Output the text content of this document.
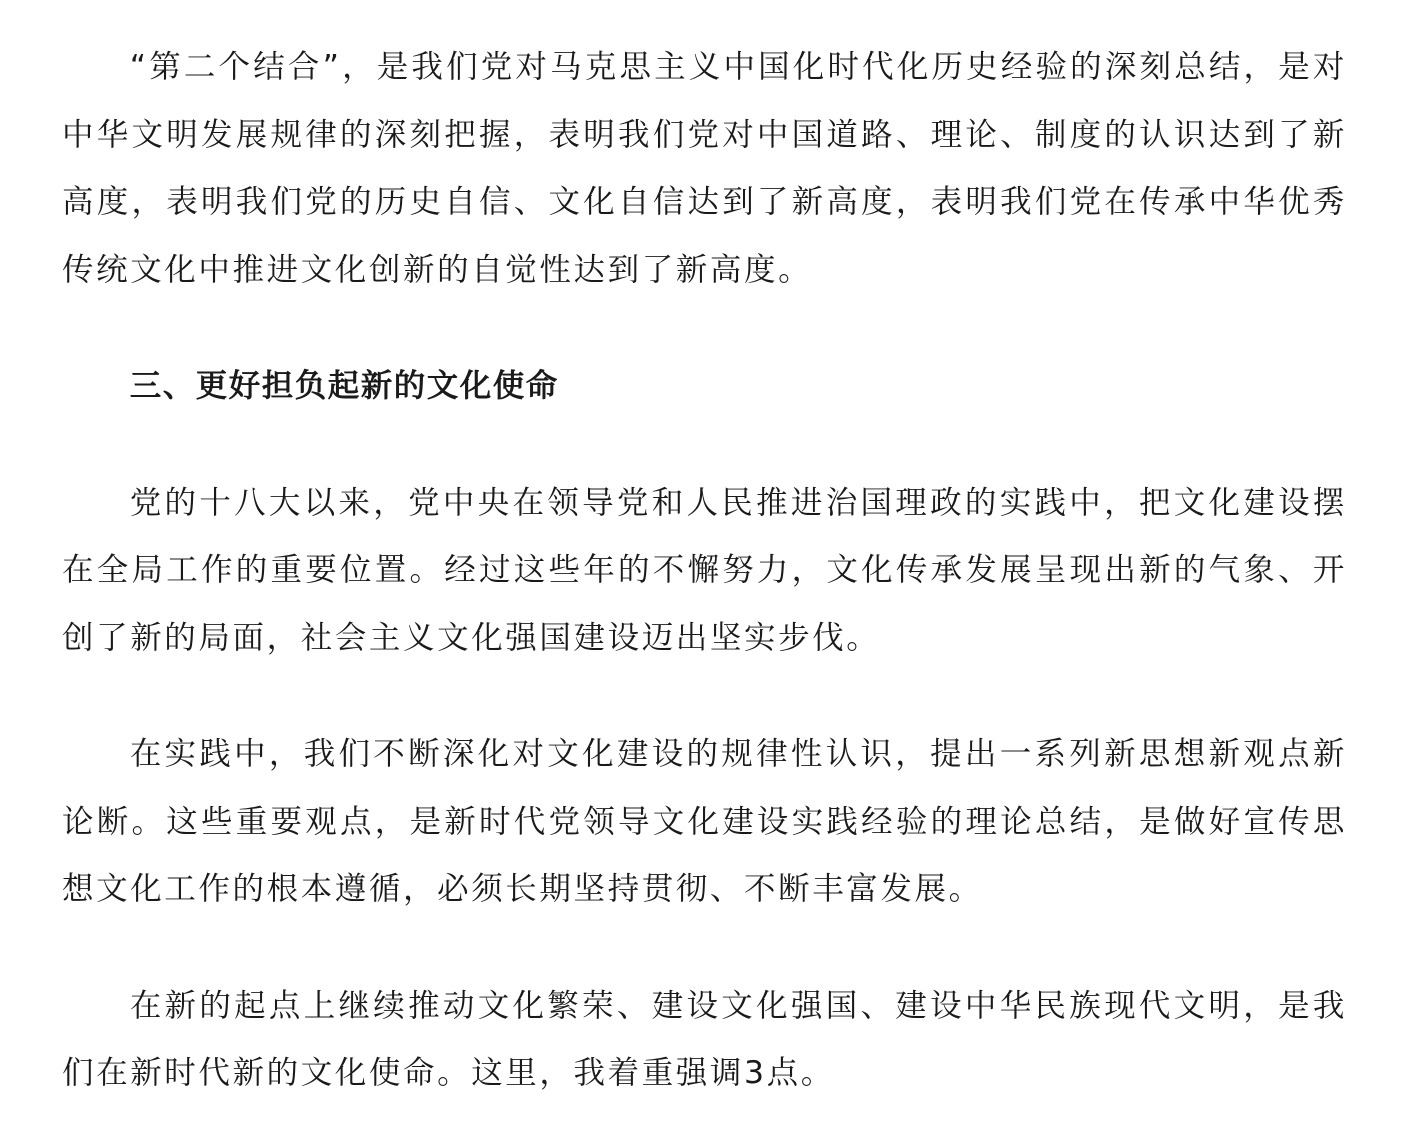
“第二个结合”，是我们党对马克思主义中国化时代化历史经验的深刻总结，是对中华文明发展规律的深刻把握，表明我们党对中国道路、理论、制度的认识达到了新高度，表明我们党的历史自信、文化自信达到了新高度，表明我们党在传承中华优秀传统文化中推进文化创新的自觉性达到了新高度。

三、更好担负起新的文化使命

党的十八大以来，党中央在领导党和人民推进治国理政的实践中，把文化建设摆在全局工作的重要位置。经过这些年的不懈努力，文化传承发展呈现出新的气象、开创了新的局面，社会主义文化强国建设迈出坚实步伐。

在实践中，我们不断深化对文化建设的规律性认识，提出一系列新思想新观点新论断。这些重要观点，是新时代党领导文化建设实践经验的理论总结，是做好宣传思想文化工作的根本遵循，必须长期坚持贯彻、不断丰富发展。

在新的起点上继续推动文化繁荣、建设文化强国、建设中华民族现代文明，是我们在新时代新的文化使命。这里，我着重强调3点。
